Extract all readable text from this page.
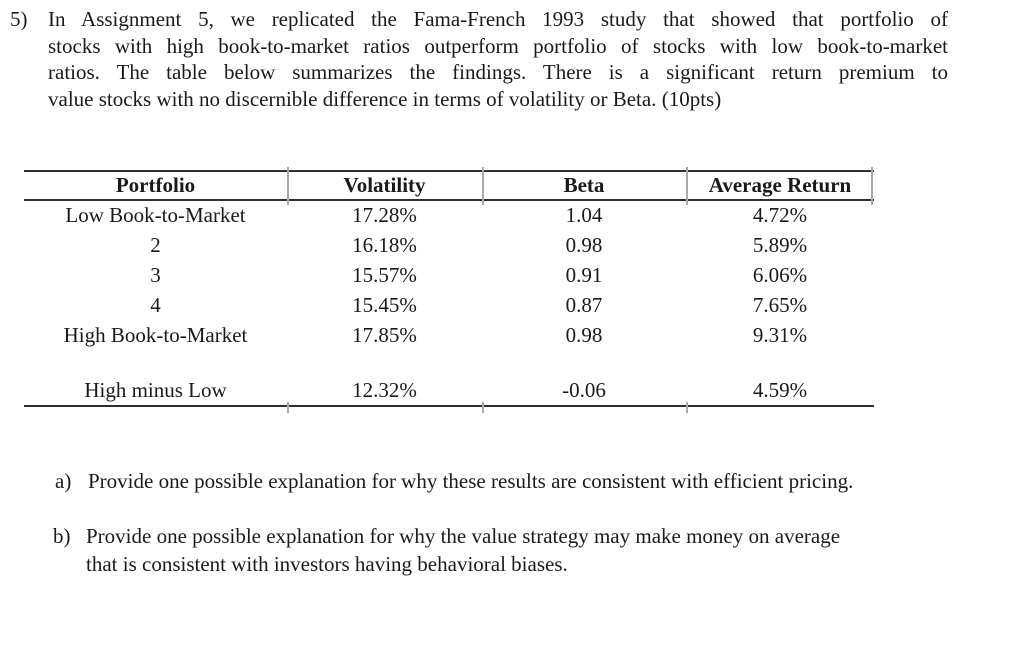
5) In Assignment 5, we replicated the Fama-French 1993 study that showed that portfolio of
stocks with high book-to-market ratios outperform portfolio of stocks with low book-to-market
ratios. The table below summarizes the findings. There is a significant return premium to
value stocks with no discernible difference in terms of volatility or Beta. (10pts)
Portfolio	Volatility	Beta	Average Return
Low Book-to-Market	17.28%	1.04	4.72%
2	16.18%	0.98	5.89%
3	15.57%	0.91	6.06%
4	15.45%	0.87	7.65%
High Book-to-Market	17.85%	0.98	9.31%

High minus Low	12.32%	-0.06	4.59%
a) Provide one possible explanation for why these results are consistent with efficient pricing.
b) Provide one possible explanation for why the value strategy may make money on average
that is consistent with investors having behavioral biases.
